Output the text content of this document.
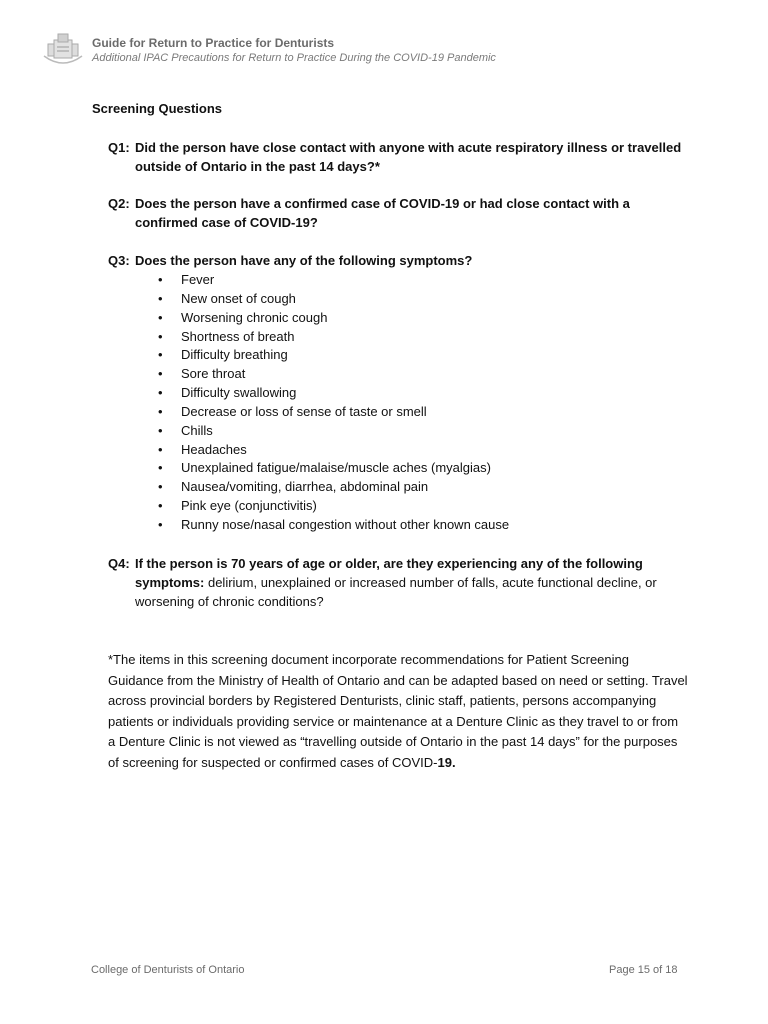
Guide for Return to Practice for Denturists
Additional IPAC Precautions for Return to Practice During the COVID-19 Pandemic
Screening Questions
Q1: Did the person have close contact with anyone with acute respiratory illness or travelled outside of Ontario in the past 14 days?*
Q2: Does the person have a confirmed case of COVID-19 or had close contact with a confirmed case of COVID-19?
Q3: Does the person have any of the following symptoms?
• Fever
• New onset of cough
• Worsening chronic cough
• Shortness of breath
• Difficulty breathing
• Sore throat
• Difficulty swallowing
• Decrease or loss of sense of taste or smell
• Chills
• Headaches
• Unexplained fatigue/malaise/muscle aches (myalgias)
• Nausea/vomiting, diarrhea, abdominal pain
• Pink eye (conjunctivitis)
• Runny nose/nasal congestion without other known cause
Q4: If the person is 70 years of age or older, are they experiencing any of the following symptoms: delirium, unexplained or increased number of falls, acute functional decline, or worsening of chronic conditions?
*The items in this screening document incorporate recommendations for Patient Screening Guidance from the Ministry of Health of Ontario and can be adapted based on need or setting. Travel across provincial borders by Registered Denturists, clinic staff, patients, persons accompanying patients or individuals providing service or maintenance at a Denture Clinic as they travel to or from a Denture Clinic is not viewed as “travelling outside of Ontario in the past 14 days” for the purposes of screening for suspected or confirmed cases of COVID-19.
College of Denturists of Ontario	Page 15 of 18
